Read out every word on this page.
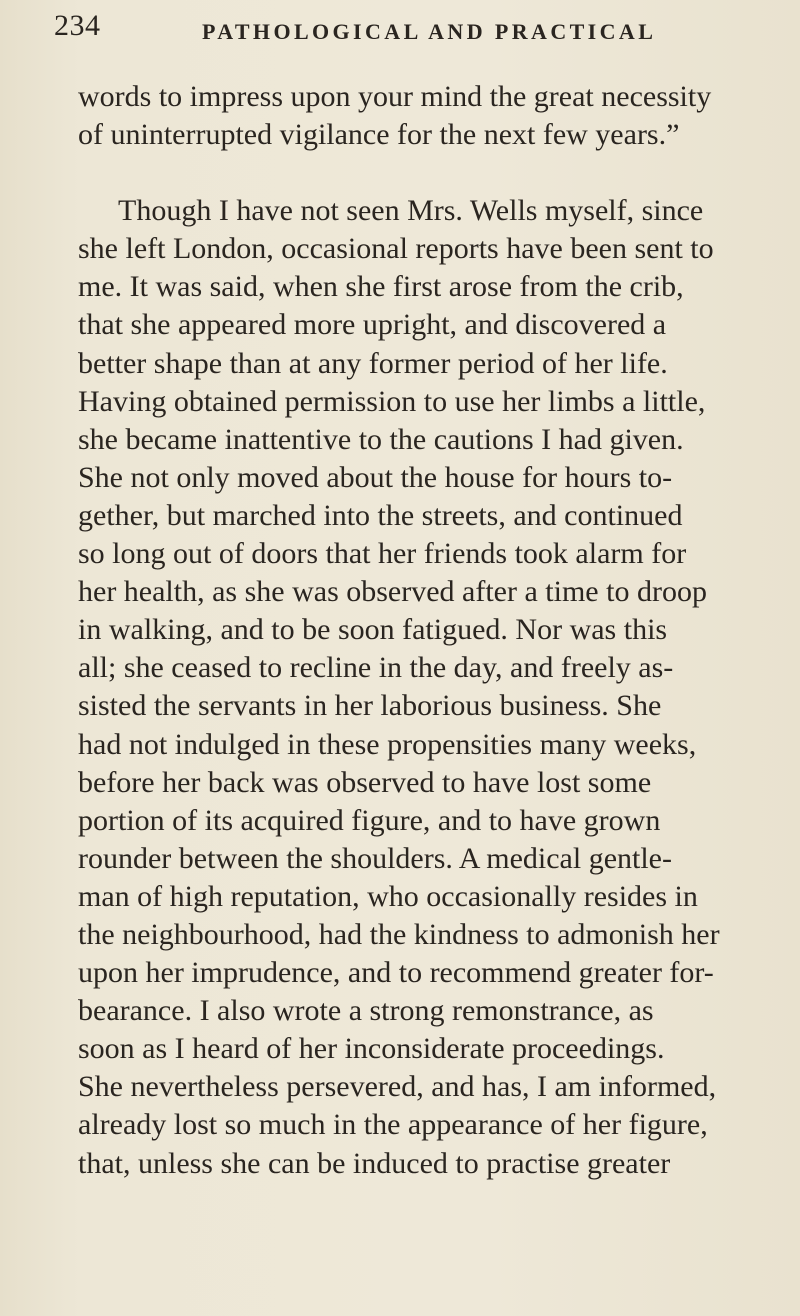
234	PATHOLOGICAL AND PRACTICAL
words to impress upon your mind the great necessity
of uninterrupted vigilance for the next few years.”
Though I have not seen Mrs. Wells myself, since
she left London, occasional reports have been sent to
me. It was said, when she first arose from the crib,
that she appeared more upright, and discovered a
better shape than at any former period of her life.
Having obtained permission to use her limbs a little,
she became inattentive to the cautions I had given.
She not only moved about the house for hours to-
gether, but marched into the streets, and continued
so long out of doors that her friends took alarm for
her health, as she was observed after a time to droop
in walking, and to be soon fatigued. Nor was this
all; she ceased to recline in the day, and freely as-
sisted the servants in her laborious business. She
had not indulged in these propensities many weeks,
before her back was observed to have lost some
portion of its acquired figure, and to have grown
rounder between the shoulders. A medical gentle-
man of high reputation, who occasionally resides in
the neighbourhood, had the kindness to admonish her
upon her imprudence, and to recommend greater for-
bearance. I also wrote a strong remonstrance, as
soon as I heard of her inconsiderate proceedings.
She nevertheless persevered, and has, I am informed,
already lost so much in the appearance of her figure,
that, unless she can be induced to practise greater
